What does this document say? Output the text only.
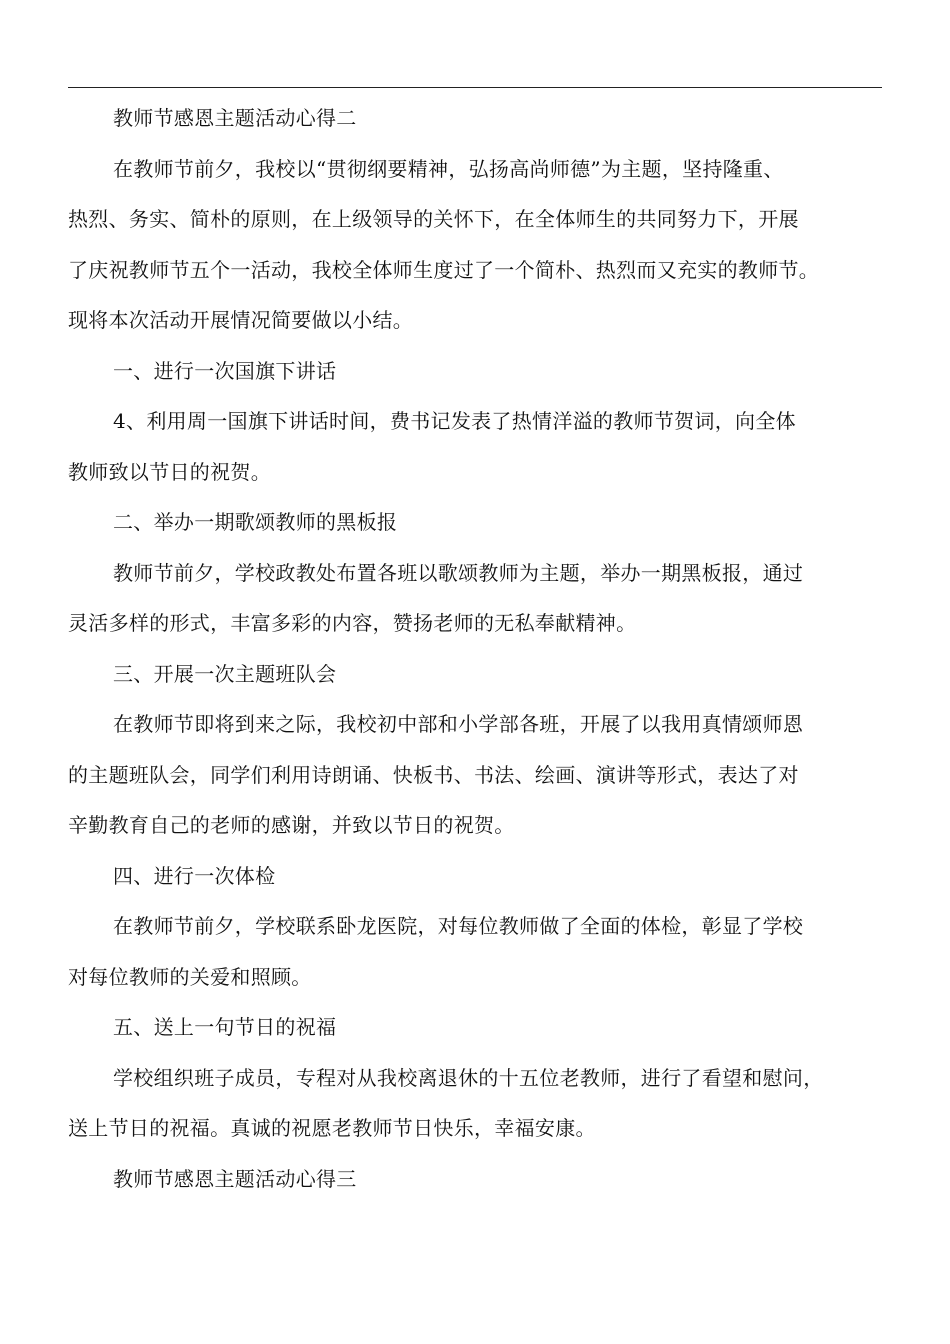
教师节感恩主题活动心得二

在教师节前夕，我校以“贯彻纲要精神，弘扬高尚师德”为主题，坚持隆重、
热烈、务实、简朴的原则，在上级领导的关怀下，在全体师生的共同努力下，开展
了庆祝教师节五个一活动，我校全体师生度过了一个简朴、热烈而又充实的教师节。
现将本次活动开展情况简要做以小结。

一、进行一次国旗下讲话

4、利用周一国旗下讲话时间，费书记发表了热情洋溢的教师节贺词，向全体
教师致以节日的祝贺。

二、举办一期歌颂教师的黑板报

教师节前夕，学校政教处布置各班以歌颂教师为主题，举办一期黑板报，通过
灵活多样的形式，丰富多彩的内容，赞扬老师的无私奉献精神。

三、开展一次主题班队会

在教师节即将到来之际，我校初中部和小学部各班，开展了以我用真情颂师恩
的主题班队会，同学们利用诗朗诵、快板书、书法、绘画、演讲等形式，表达了对
辛勤教育自己的老师的感谢，并致以节日的祝贺。

四、进行一次体检

在教师节前夕，学校联系卧龙医院，对每位教师做了全面的体检，彰显了学校
对每位教师的关爱和照顾。

五、送上一句节日的祝福

学校组织班子成员，专程对从我校离退休的十五位老教师，进行了看望和慰问，
送上节日的祝福。真诚的祝愿老教师节日快乐，幸福安康。

教师节感恩主题活动心得三
